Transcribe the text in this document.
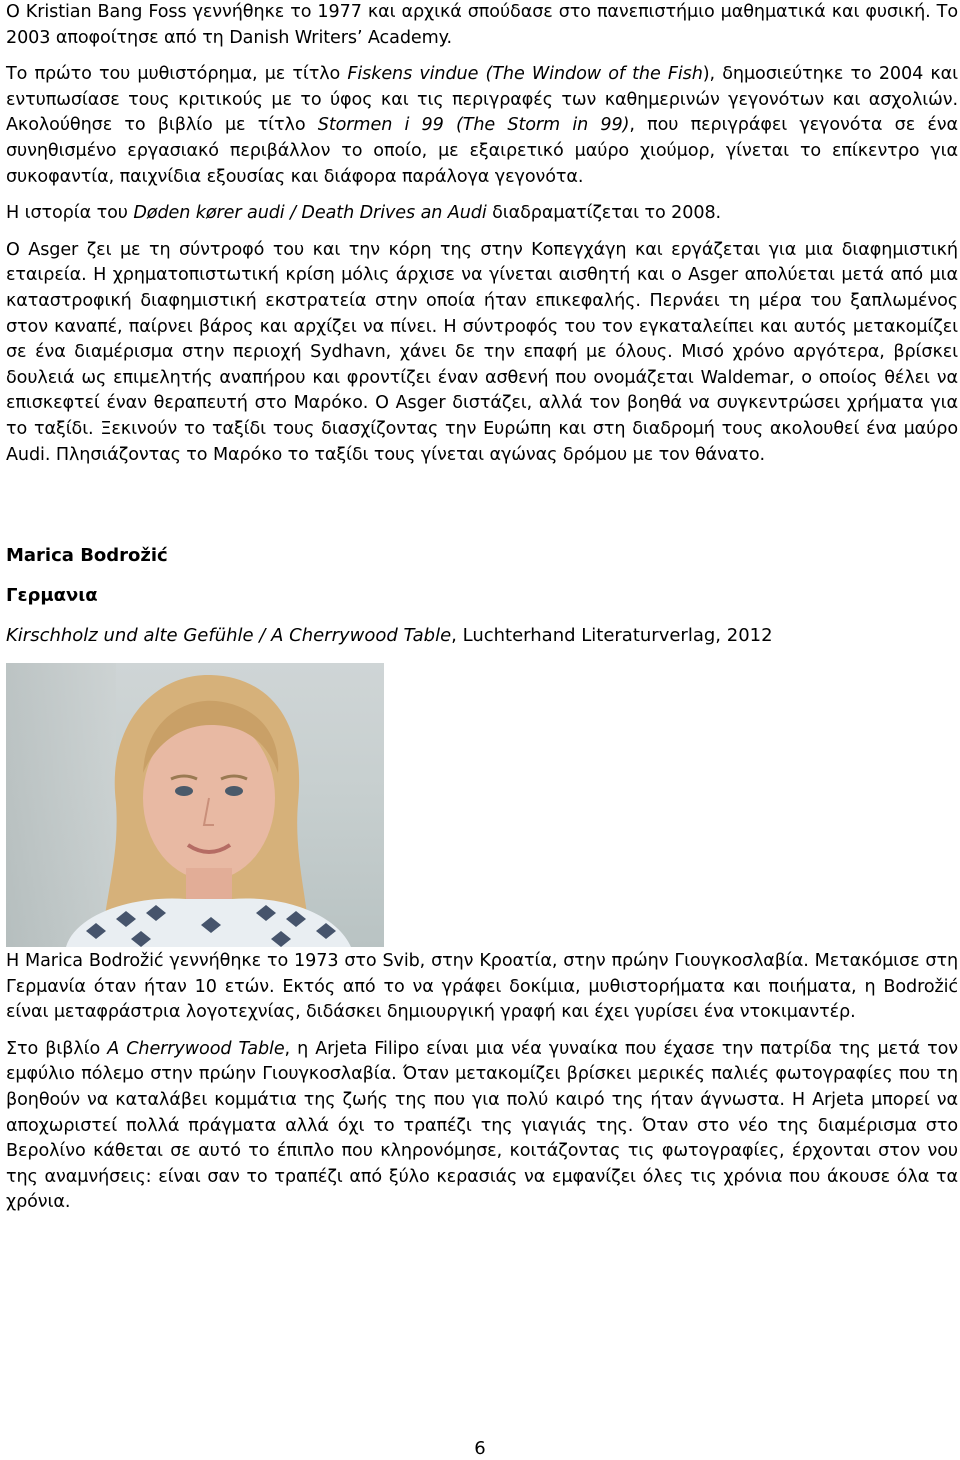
O Kristian Bang Foss γεννήθηκε το 1977 και αρχικά σπούδασε στο πανεπιστήμιο μαθηματικά και φυσική. Το 2003 αποφοίτησε από τη Danish Writers’ Academy.

Το πρώτο του μυθιστόρημα, με τίτλο Fiskens vindue (The Window of the Fish), δημοσιεύτηκε το 2004 και εντυπωσίασε τους κριτικούς με το ύφος και τις περιγραφές των καθημερινών γεγονότων και ασχολιών. Ακολούθησε το βιβλίο με τίτλο Stormen i 99 (The Storm in 99), που περιγράφει γεγονότα σε ένα συνηθισμένο εργασιακό περιβάλλον το οποίο, με εξαιρετικό μαύρο χιούμορ, γίνεται το επίκεντρο για συκοφαντία, παιχνίδια εξουσίας και διάφορα παράλογα γεγονότα.

Η ιστορία του Døden kører audi / Death Drives an Audi διαδραματίζεται το 2008.

O Asger ζει με τη σύντροφό του και την κόρη της στην Κοπεγχάγη και εργάζεται για μια διαφημιστική εταιρεία. Η χρηματοπιστωτική κρίση μόλις άρχισε να γίνεται αισθητή και ο Asger απολύεται μετά από μια καταστροφική διαφημιστική εκστρατεία στην οποία ήταν επικεφαλής. Περνάει τη μέρα του ξαπλωμένος στον καναπέ, παίρνει βάρος και αρχίζει να πίνει. Η σύντροφός του τον εγκαταλείπει και αυτός μετακομίζει σε ένα διαμέρισμα στην περιοχή Sydhavn, χάνει δε την επαφή με όλους. Μισό χρόνο αργότερα, βρίσκει δουλειά ως επιμελητής αναπήρου και φροντίζει έναν ασθενή που ονομάζεται Waldemar, ο οποίος θέλει να επισκεφτεί έναν θεραπευτή στο Μαρόκο. O Asger διστάζει, αλλά τον βοηθά να συγκεντρώσει χρήματα για το ταξίδι. Ξεκινούν το ταξίδι τους διασχίζοντας την Ευρώπη και στη διαδρομή τους ακολουθεί ένα μαύρο Audi. Πλησιάζοντας το Μαρόκο το ταξίδι τους γίνεται αγώνας δρόμου με τον θάνατο.

Marica Bodrožić
Γερμανια
Kirschholz und alte Gefühle / A Cherrywood Table, Luchterhand Literaturverlag, 2012

Η Marica Bodrožić γεννήθηκε το 1973 στο Svib, στην Κροατία, στην πρώην Γιουγκοσλαβία. Μετακόμισε στη Γερμανία όταν ήταν 10 ετών. Εκτός από το να γράφει δοκίμια, μυθιστορήματα και ποιήματα, η Bodrožić είναι μεταφράστρια λογοτεχνίας, διδάσκει δημιουργική γραφή και έχει γυρίσει ένα ντοκιμαντέρ.

Στο βιβλίο A Cherrywood Table, η Arjeta Filipo είναι μια νέα γυναίκα που έχασε την πατρίδα της μετά τον εμφύλιο πόλεμο στην πρώην Γιουγκοσλαβία. Όταν μετακομίζει βρίσκει μερικές παλιές φωτογραφίες που τη βοηθούν να καταλάβει κομμάτια της ζωής της που για πολύ καιρό της ήταν άγνωστα. Η Arjeta μπορεί να αποχωριστεί πολλά πράγματα αλλά όχι το τραπέζι της γιαγιάς της. Όταν στο νέο της διαμέρισμα στο Βερολίνο κάθεται σε αυτό το έπιπλο που κληρονόμησε, κοιτάζοντας τις φωτογραφίες, έρχονται στον νου της αναμνήσεις: είναι σαν το τραπέζι από ξύλο κερασιάς να εμφανίζει όλες τις χρόνια που άκουσε όλα τα χρόνια.

6
